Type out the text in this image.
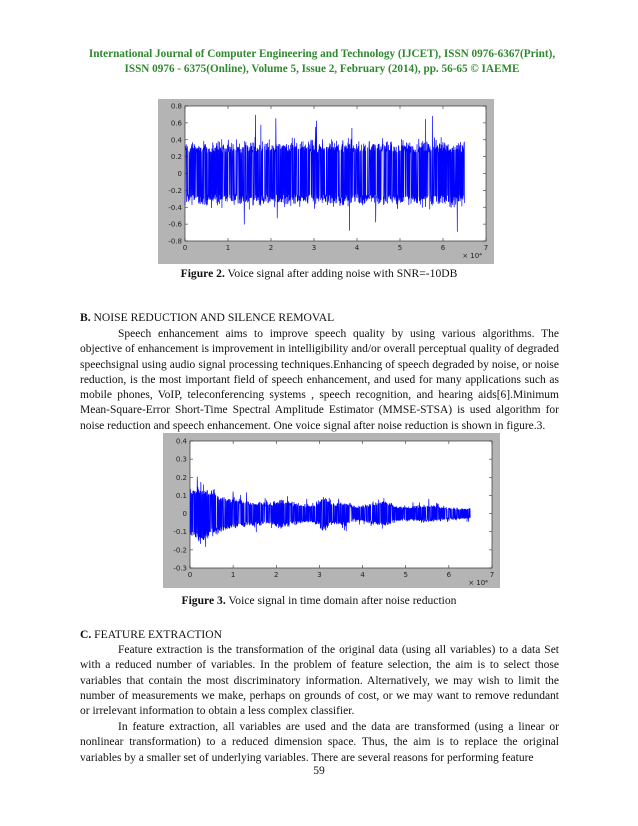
International Journal of Computer Engineering and Technology (IJCET), ISSN 0976-6367(Print),
ISSN 0976 - 6375(Online), Volume 5, Issue 2, February (2014), pp. 56-65 © IAEME
0.8
0.6
0.4
0.2
0
-0.2
-0.4
-0.6
-0.8
0	1	2	3	4	5	6	7
× 10⁴
Figure 2. Voice signal after adding noise with SNR=-10DB
B. NOISE REDUCTION AND SILENCE REMOVAL

Speech enhancement aims to improve speech quality by using various algorithms. The objective of enhancement is improvement in intelligibility and/or overall perceptual quality of degraded speechsignal using audio signal processing techniques.Enhancing of speech degraded by noise, or noise reduction, is the most important field of speech enhancement, and used for many applications such as mobile phones, VoIP, teleconferencing systems , speech recognition, and hearing aids[6].Minimum Mean-Square-Error Short-Time Spectral Amplitude Estimator (MMSE-STSA) is used algorithm for noise reduction and speech enhancement. One voice signal after noise reduction is shown in figure.3.

0.4
0.3
0.2
0.1
0
-0.1
-0.2
-0.3
0	1	2	3	4	5	6	7
× 10⁴
Figure 3. Voice signal in time domain after noise reduction
C. FEATURE EXTRACTION

Feature extraction is the transformation of the original data (using all variables) to a data Set with a reduced number of variables. In the problem of feature selection, the aim is to select those variables that contain the most discriminatory information. Alternatively, we may wish to limit the number of measurements we make, perhaps on grounds of cost, or we may want to remove redundant or irrelevant information to obtain a less complex classifier.

In feature extraction, all variables are used and the data are transformed (using a linear or nonlinear transformation) to a reduced dimension space. Thus, the aim is to replace the original variables by a smaller set of underlying variables. There are several reasons for performing feature

59
